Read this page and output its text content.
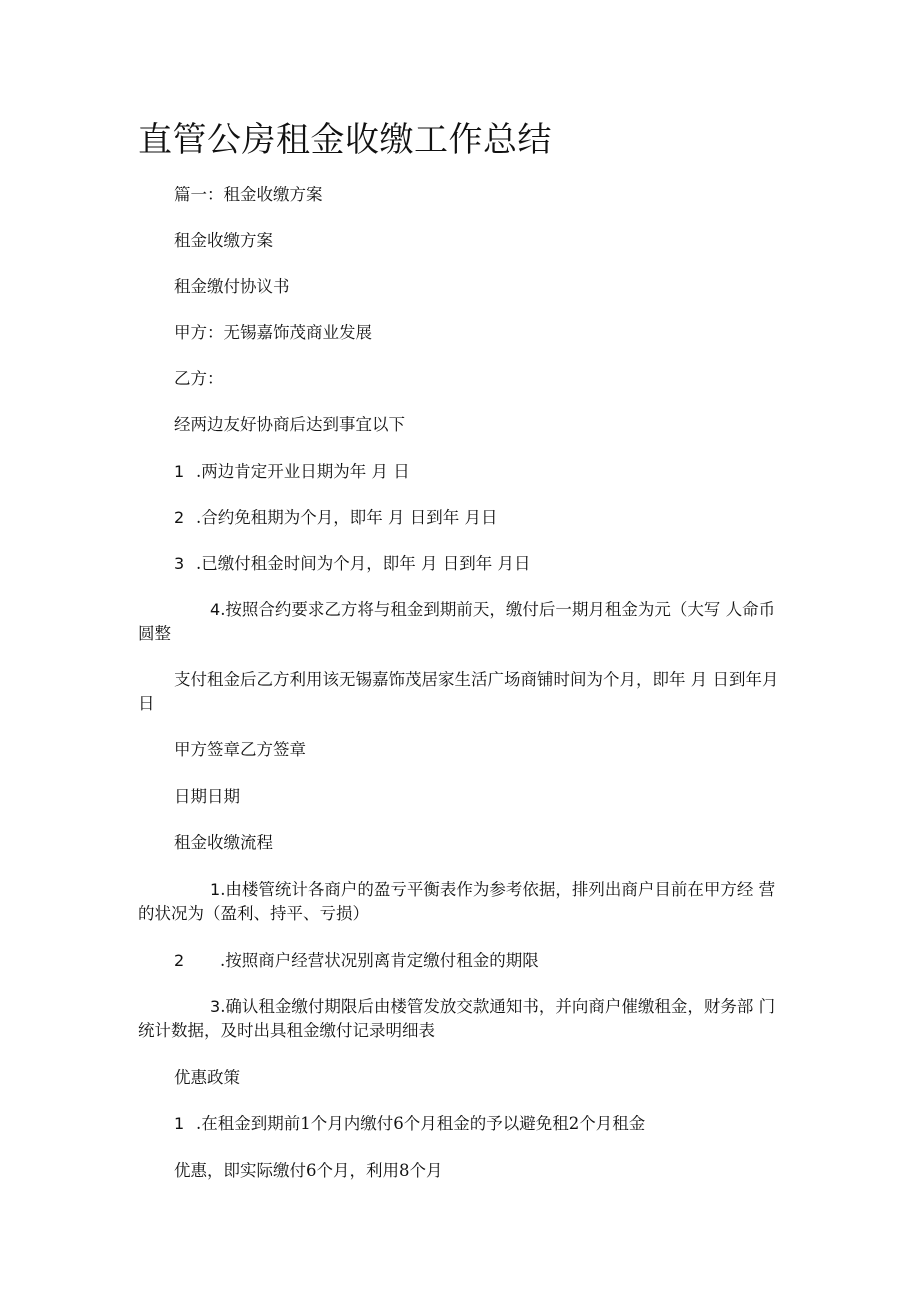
直管公房租金收缴工作总结
篇一：租金收缴方案
租金收缴方案
租金缴付协议书
甲方：无锡嘉饰茂商业发展
乙方：
经两边友好协商后达到事宜以下
1 .两边肯定开业日期为年 月 日
2 .合约免租期为个月，即年 月 日到年 月日
3 .已缴付租金时间为个月，即年 月 日到年 月日
4.按照合约要求乙方将与租金到期前天，缴付后一期月租金为元（大写 人命币圆整
支付租金后乙方利用该无锡嘉饰茂居家生活广场商铺时间为个月，即年 月 日到年月日
甲方签章乙方签章
日期日期
租金收缴流程
1.由楼管统计各商户的盈亏平衡表作为参考依据，排列出商户目前在甲方经 营的状况为（盈利、持平、亏损）
2 .按照商户经营状况别离肯定缴付租金的期限
3.确认租金缴付期限后由楼管发放交款通知书，并向商户催缴租金，财务部 门统计数据，及时出具租金缴付记录明细表
优惠政策
1 .在租金到期前1个月内缴付6个月租金的予以避免租2个月租金
优惠，即实际缴付6个月，利用8个月
